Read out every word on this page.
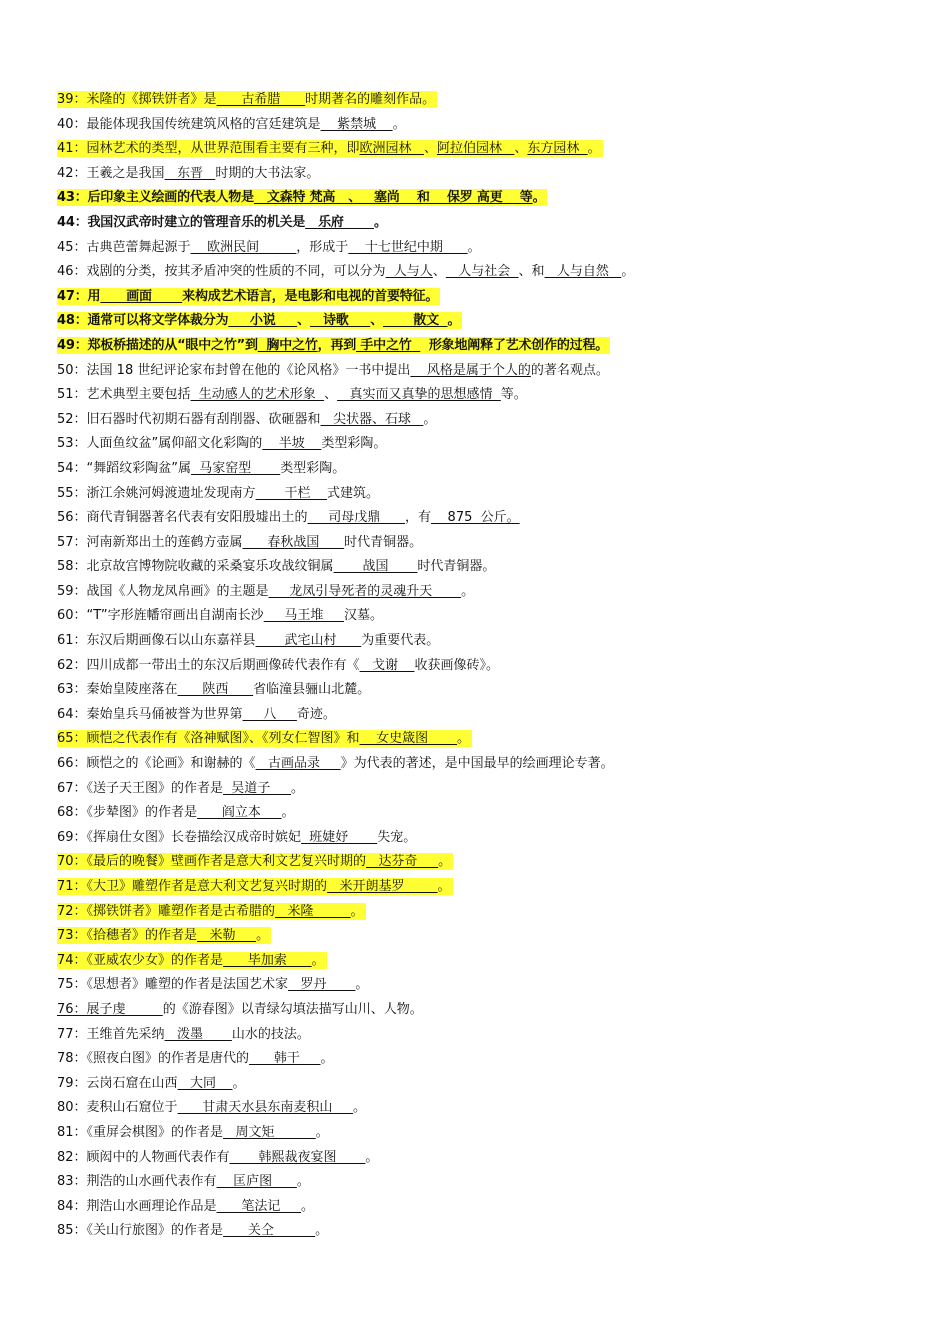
39：米隆的《掷铁饼者》是      古希腊      时期著名的雕刻作品。
40：最能体现我国传统建筑风格的宫廷建筑是    紫禁城    。
41：园林艺术的类型，从世界范围看主要有三种，即欧洲园林   、阿拉伯园林   、东方园林  。
42：王羲之是我国   东晋   时期的大书法家。
43：后印象主义绘画的代表人物是   文森特 梵高   、   塞尚    和    保罗 高更    等。
44：我国汉武帝时建立的管理音乐的机关是   乐府       。
45：古典芭蕾舞起源于    欧洲民间         ，形成于    十七世纪中期      。
46：戏剧的分类，按其矛盾冲突的性质的不同，可以分为  人与人、   人与社会  、和   人与自然   。
47：用      画面       来构成艺术语言，是电影和电视的首要特征。
48：通常可以将文学体裁分为     小说     、   诗歌     、       散文  。
49：郑板桥描述的从“眼中之竹”到  胸中之竹，再到 手中之竹    形象地阐释了艺术创作的过程。
50：法国 18 世纪评论家布封曾在他的《论风格》一书中提出    风格是属于个人的的著名观点。
51：艺术典型主要包括  生动感人的艺术形象  、   真实而又真挚的思想感情  等。
52：旧石器时代初期石器有刮削器、砍砸器和   尖状器、石球   。
53：人面鱼纹盆”属仰韶文化彩陶的    半坡    类型彩陶。
54：“舞蹈纹彩陶盆”属  马家窑型       类型彩陶。
55：浙江余姚河姆渡遗址发现南方       干栏    式建筑。
56：商代青铜器著名代表有安阳殷墟出土的     司母戊鼎      ，有    875  公斤。
57：河南新郑出土的莲鹤方壶属      春秋战国      时代青铜器。
58：北京故宫博物院收藏的采桑宴乐攻战纹铜属       战国       时代青铜器。
59：战国《人物龙凤帛画》的主题是     龙凤引导死者的灵魂升天       。
60：“T”字形旌幡帘画出自湖南长沙     马王堆     汉墓。
61：东汉后期画像石以山东嘉祥县       武宅山村      为重要代表。
62：四川成都一带出土的东汉后期画像砖代表作有《   戈谢    收获画像砖》。
63：秦始皇陵座落在      陕西      省临潼县骊山北麓。
64：秦始皇兵马俑被誉为世界第     八     奇迹。
65：顾恺之代表作有《洛神赋图》、《列女仁智图》和    女史箴图       。
66：顾恺之的《论画》和谢赫的《   古画品录     》为代表的著述，是中国最早的绘画理论专著。
67：《送子天王图》的作者是  吴道子     。
68：《步辇图》的作者是      阎立本     。
69：《挥扇仕女图》长卷描绘汉成帝时嫔妃  班婕妤       失宠。
70：《最后的晚餐》壁画作者是意大利文艺复兴时期的   达芬奇     。
71：《大卫》雕塑作者是意大利文艺复兴时期的   米开朗基罗        。
72：《掷铁饼者》雕塑作者是古希腊的   米隆         。
73：《拾穗者》的作者是   米勒     。
74：《亚威农少女》的作者是      毕加索      。
75：《思想者》雕塑的作者是法国艺术家   罗丹       。
76：展子虔         的《游春图》以青绿勾填法描写山川、人物。
77：王维首先采纳   泼墨       山水的技法。
78：《照夜白图》的作者是唐代的      韩干     。
79：云岗石窟在山西   大同    。
80：麦积山石窟位于      甘肃天水县东南麦积山     。
81：《重屏会棋图》的作者是   周文矩          。
82：顾闳中的人物画代表作有       韩熙裁夜宴图       。
83：荆浩的山水画代表作有    匡庐图      。
84：荆浩山水画理论作品是      笔法记     。
85：《关山行旅图》的作者是      关仝          。
